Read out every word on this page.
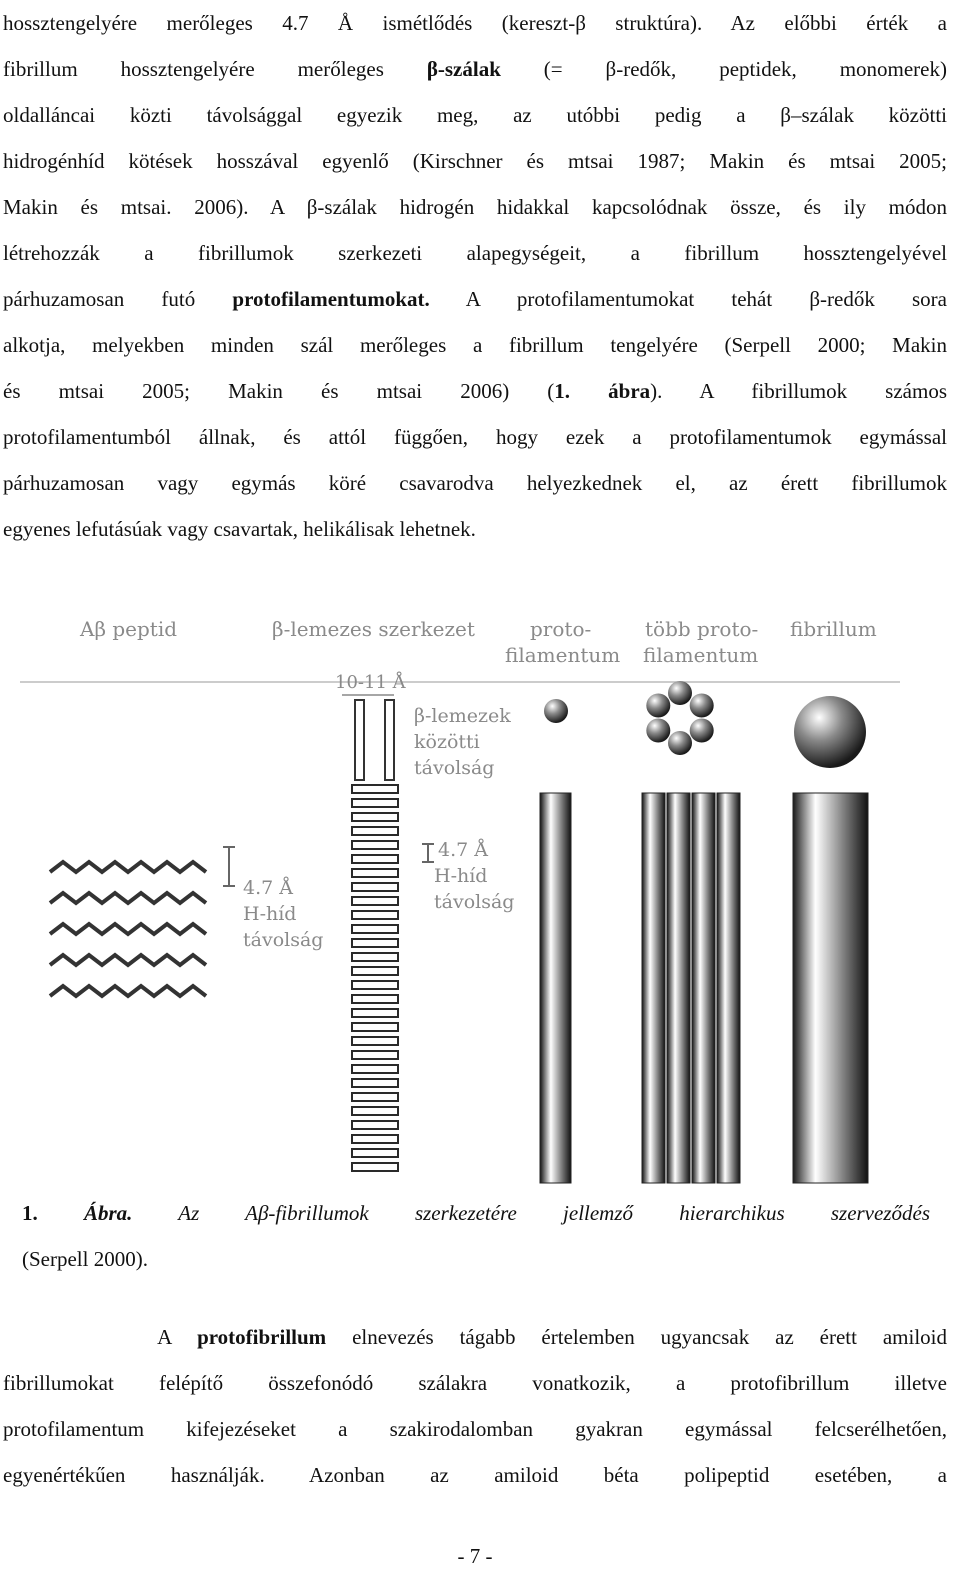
hossztengelyére merőleges 4.7 Å ismétlődés (kereszt-β struktúra). Az előbbi érték a
fibrillum hossztengelyére merőleges β-szálak (= β-redők, peptidek, monomerek)
oldalláncai közti távolsággal egyezik meg, az utóbbi pedig a β–szálak közötti
hidrogénhíd kötések hosszával egyenlő (Kirschner és mtsai 1987; Makin és mtsai 2005;
Makin és mtsai. 2006). A β-szálak hidrogén hidakkal kapcsolódnak össze, és ily módon
létrehozzák a fibrillumok szerkezeti alapegységeit, a fibrillum hossztengelyével
párhuzamosan futó protofilamentumokat. A protofilamentumokat tehát β-redők sora
alkotja, melyekben minden szál merőleges a fibrillum tengelyére (Serpell 2000; Makin
és mtsai 2005; Makin és mtsai 2006) (1. ábra). A fibrillumok számos
protofilamentumból állnak, és attól függően, hogy ezek a protofilamentumok egymással
párhuzamosan vagy egymás köré csavarodva helyezkednek el, az érett fibrillumok
egyenes lefutásúak vagy csavartak, helikálisak lehetnek.
Aβ peptid	β-lemezes szerkezet	proto-
filamentum
több proto-
filamentum
fibrillum
10-11 Å
β-lemezek
közötti
távolság
4.7 Å
H-híd
távolság
4.7 Å
H-híd
távolság
1. Ábra. Az Aβ-fibrillumok szerkezetére jellemző hierarchikus szerveződés
(Serpell 2000).
A protofibrillum elnevezés tágabb értelemben ugyancsak az érett amiloid
fibrillumokat felépítő összefonódó szálakra vonatkozik, a protofibrillum illetve
protofilamentum kifejezéseket a szakirodalomban gyakran egymással felcserélhetően,
egyenértékűen használják. Azonban az amiloid béta polipeptid esetében, a
- 7 -
